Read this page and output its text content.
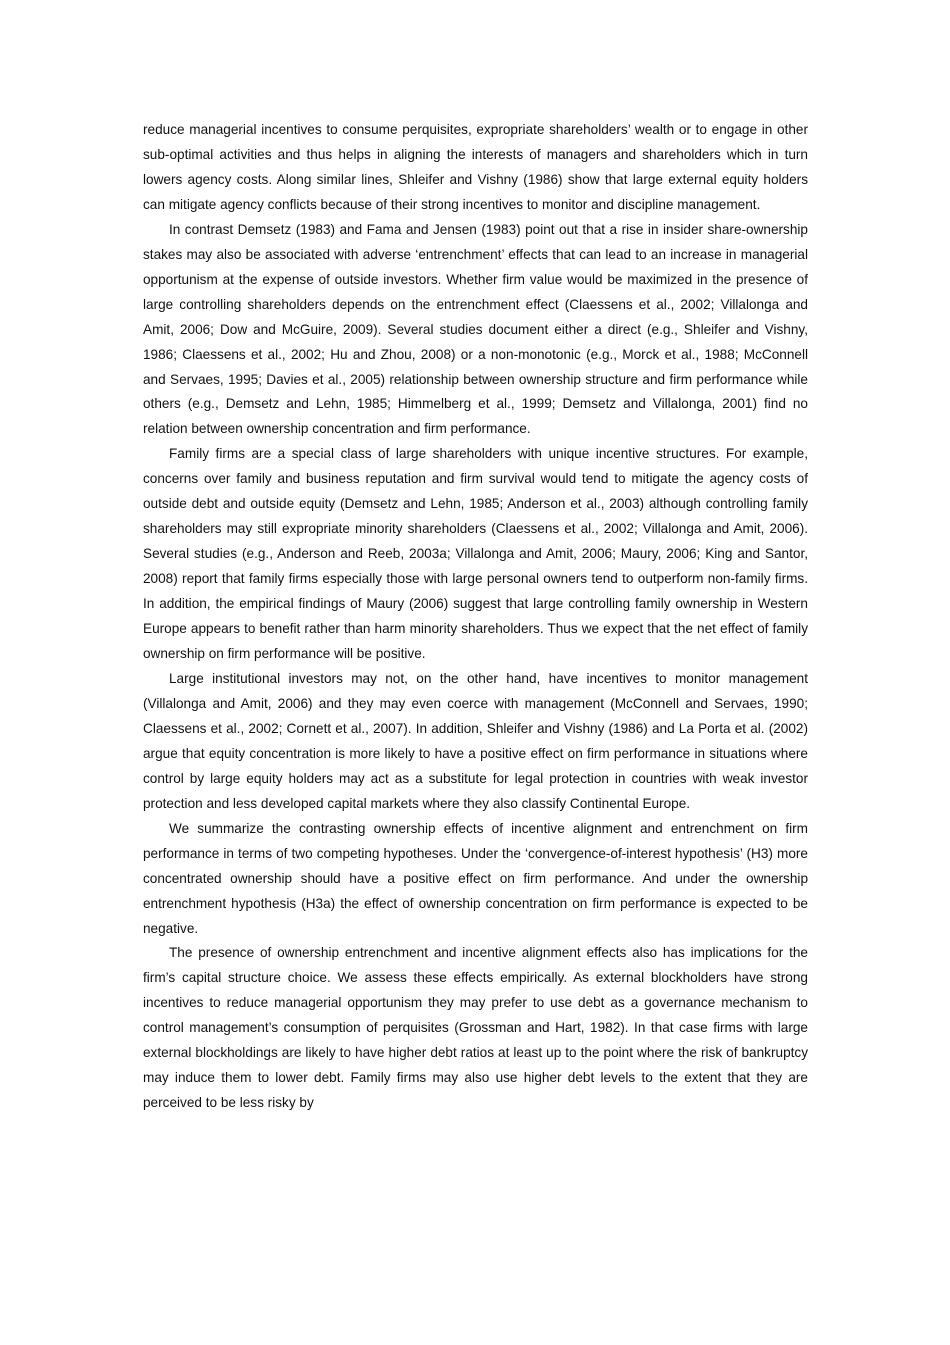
reduce managerial incentives to consume perquisites, expropriate shareholders’ wealth or to engage in other sub-optimal activities and thus helps in aligning the interests of managers and shareholders which in turn lowers agency costs. Along similar lines, Shleifer and Vishny (1986) show that large external equity holders can mitigate agency conflicts because of their strong incentives to monitor and discipline management.

In contrast Demsetz (1983) and Fama and Jensen (1983) point out that a rise in insider share-ownership stakes may also be associated with adverse ‘entrenchment’ effects that can lead to an increase in managerial opportunism at the expense of outside investors. Whether firm value would be maximized in the presence of large controlling shareholders depends on the entrenchment effect (Claessens et al., 2002; Villalonga and Amit, 2006; Dow and McGuire, 2009). Several studies document either a direct (e.g., Shleifer and Vishny, 1986; Claessens et al., 2002; Hu and Zhou, 2008) or a non-monotonic (e.g., Morck et al., 1988; McConnell and Servaes, 1995; Davies et al., 2005) relationship between ownership structure and firm performance while others (e.g., Demsetz and Lehn, 1985; Himmelberg et al., 1999; Demsetz and Villalonga, 2001) find no relation between ownership concentration and firm performance.

Family firms are a special class of large shareholders with unique incentive structures. For example, concerns over family and business reputation and firm survival would tend to mitigate the agency costs of outside debt and outside equity (Demsetz and Lehn, 1985; Anderson et al., 2003) although controlling family shareholders may still expropriate minority shareholders (Claessens et al., 2002; Villalonga and Amit, 2006). Several studies (e.g., Anderson and Reeb, 2003a; Villalonga and Amit, 2006; Maury, 2006; King and Santor, 2008) report that family firms especially those with large personal owners tend to outperform non-family firms. In addition, the empirical findings of Maury (2006) suggest that large controlling family ownership in Western Europe appears to benefit rather than harm minority shareholders. Thus we expect that the net effect of family ownership on firm performance will be positive.

Large institutional investors may not, on the other hand, have incentives to monitor management (Villalonga and Amit, 2006) and they may even coerce with management (McConnell and Servaes, 1990; Claessens et al., 2002; Cornett et al., 2007). In addition, Shleifer and Vishny (1986) and La Porta et al. (2002) argue that equity concentration is more likely to have a positive effect on firm performance in situations where control by large equity holders may act as a substitute for legal protection in countries with weak investor protection and less developed capital markets where they also classify Continental Europe.

We summarize the contrasting ownership effects of incentive alignment and entrenchment on firm performance in terms of two competing hypotheses. Under the ‘convergence-of-interest hypothesis’ (H3) more concentrated ownership should have a positive effect on firm performance. And under the ownership entrenchment hypothesis (H3a) the effect of ownership concentration on firm performance is expected to be negative.

The presence of ownership entrenchment and incentive alignment effects also has implications for the firm’s capital structure choice. We assess these effects empirically. As external blockholders have strong incentives to reduce managerial opportunism they may prefer to use debt as a governance mechanism to control management’s consumption of perquisites (Grossman and Hart, 1982). In that case firms with large external blockholdings are likely to have higher debt ratios at least up to the point where the risk of bankruptcy may induce them to lower debt. Family firms may also use higher debt levels to the extent that they are perceived to be less risky by
